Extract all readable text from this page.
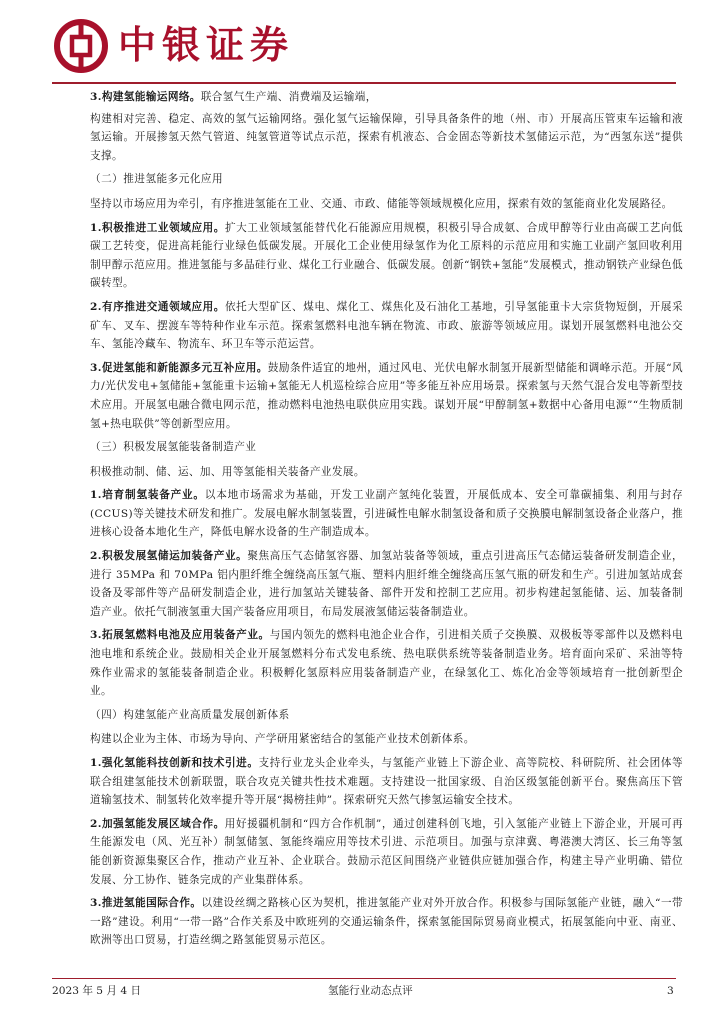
中银证券

3.构建氢能输运网络。联合氢气生产端、消费端及运输端，

构建相对完善、稳定、高效的氢气运输网络。强化氢气运输保障，引导具备条件的地（州、市）开展高压管束车运输和液氢运输。开展掺氢天然气管道、纯氢管道等试点示范，探索有机液态、合金固态等新技术氢储运示范，为“西氢东送”提供支撑。

（二）推进氢能多元化应用

坚持以市场应用为牵引，有序推进氢能在工业、交通、市政、储能等领域规模化应用，探索有效的氢能商业化发展路径。

1.积极推进工业领域应用。扩大工业领域氢能替代化石能源应用规模，积极引导合成氨、合成甲醇等行业由高碳工艺向低碳工艺转变，促进高耗能行业绿色低碳发展。开展化工企业使用绿氢作为化工原料的示范应用和实施工业副产氢回收利用制甲醇示范应用。推进氢能与多晶硅行业、煤化工行业融合、低碳发展。创新“钢铁+氢能”发展模式，推动钢铁产业绿色低碳转型。

2.有序推进交通领域应用。依托大型矿区、煤电、煤化工、煤焦化及石油化工基地，引导氢能重卡大宗货物短倒，开展采矿车、叉车、摆渡车等特种作业车示范。探索氢燃料电池车辆在物流、市政、旅游等领域应用。谋划开展氢燃料电池公交车、氢能冷藏车、物流车、环卫车等示范运营。

3.促进氢能和新能源多元互补应用。鼓励条件适宜的地州，通过风电、光伏电解水制氢开展新型储能和调峰示范。开展“风力/光伏发电+氢储能+氢能重卡运输+氢能无人机巡检综合应用”等多能互补应用场景。探索氢与天然气混合发电等新型技术应用。开展氢电融合微电网示范，推动燃料电池热电联供应用实践。谋划开展“甲醇制氢+数据中心备用电源”“生物质制氢+热电联供”等创新型应用。

（三）积极发展氢能装备制造产业

积极推动制、储、运、加、用等氢能相关装备产业发展。

1.培育制氢装备产业。以本地市场需求为基础，开发工业副产氢纯化装置，开展低成本、安全可靠碳捕集、利用与封存(CCUS)等关键技术研发和推广。发展电解水制氢装置，引进碱性电解水制氢设备和质子交换膜电解制氢设备企业落户，推进核心设备本地化生产，降低电解水设备的生产制造成本。

2.积极发展氢储运加装备产业。聚焦高压气态储氢容器、加氢站装备等领域，重点引进高压气态储运装备研发制造企业，进行 35MPa 和 70MPa 铝内胆纤维全缠绕高压氢气瓶、塑料内胆纤维全缠绕高压氢气瓶的研发和生产。引进加氢站成套设备及零部件等产品研发制造企业，进行加氢站关键装备、部件开发和控制工艺应用。初步构建起氢能储、运、加装备制造产业。依托气制液氢重大国产装备应用项目，布局发展液氢储运装备制造业。

3.拓展氢燃料电池及应用装备产业。与国内领先的燃料电池企业合作，引进相关质子交换膜、双极板等零部件以及燃料电池电堆和系统企业。鼓励相关企业开展氢燃料分布式发电系统、热电联供系统等装备制造业务。培育面向采矿、采油等特殊作业需求的氢能装备制造企业。积极孵化氢原料应用装备制造产业，在绿氢化工、炼化冶金等领域培育一批创新型企业。

（四）构建氢能产业高质量发展创新体系

构建以企业为主体、市场为导向、产学研用紧密结合的氢能产业技术创新体系。

1.强化氢能科技创新和技术引进。支持行业龙头企业牵头，与氢能产业链上下游企业、高等院校、科研院所、社会团体等联合组建氢能技术创新联盟，联合攻克关键共性技术难题。支持建设一批国家级、自治区级氢能创新平台。聚焦高压下管道输氢技术、制氢转化效率提升等开展“揭榜挂帅”。探索研究天然气掺氢运输安全技术。

2.加强氢能发展区域合作。用好援疆机制和“四方合作机制”，通过创建科创飞地，引入氢能产业链上下游企业，开展可再生能源发电（风、光互补）制氢储氢、氢能终端应用等技术引进、示范项目。加强与京津冀、粤港澳大湾区、长三角等氢能创新资源集聚区合作，推动产业互补、企业联合。鼓励示范区间围绕产业链供应链加强合作，构建主导产业明确、错位发展、分工协作、链条完成的产业集群体系。

3.推进氢能国际合作。以建设丝绸之路核心区为契机，推进氢能产业对外开放合作。积极参与国际氢能产业链，融入“一带一路”建设。利用“一带一路”合作关系及中欧班列的交通运输条件，探索氢能国际贸易商业模式，拓展氢能向中亚、南亚、欧洲等出口贸易，打造丝绸之路氢能贸易示范区。

2023 年 5 月 4 日	氢能行业动态点评	3
